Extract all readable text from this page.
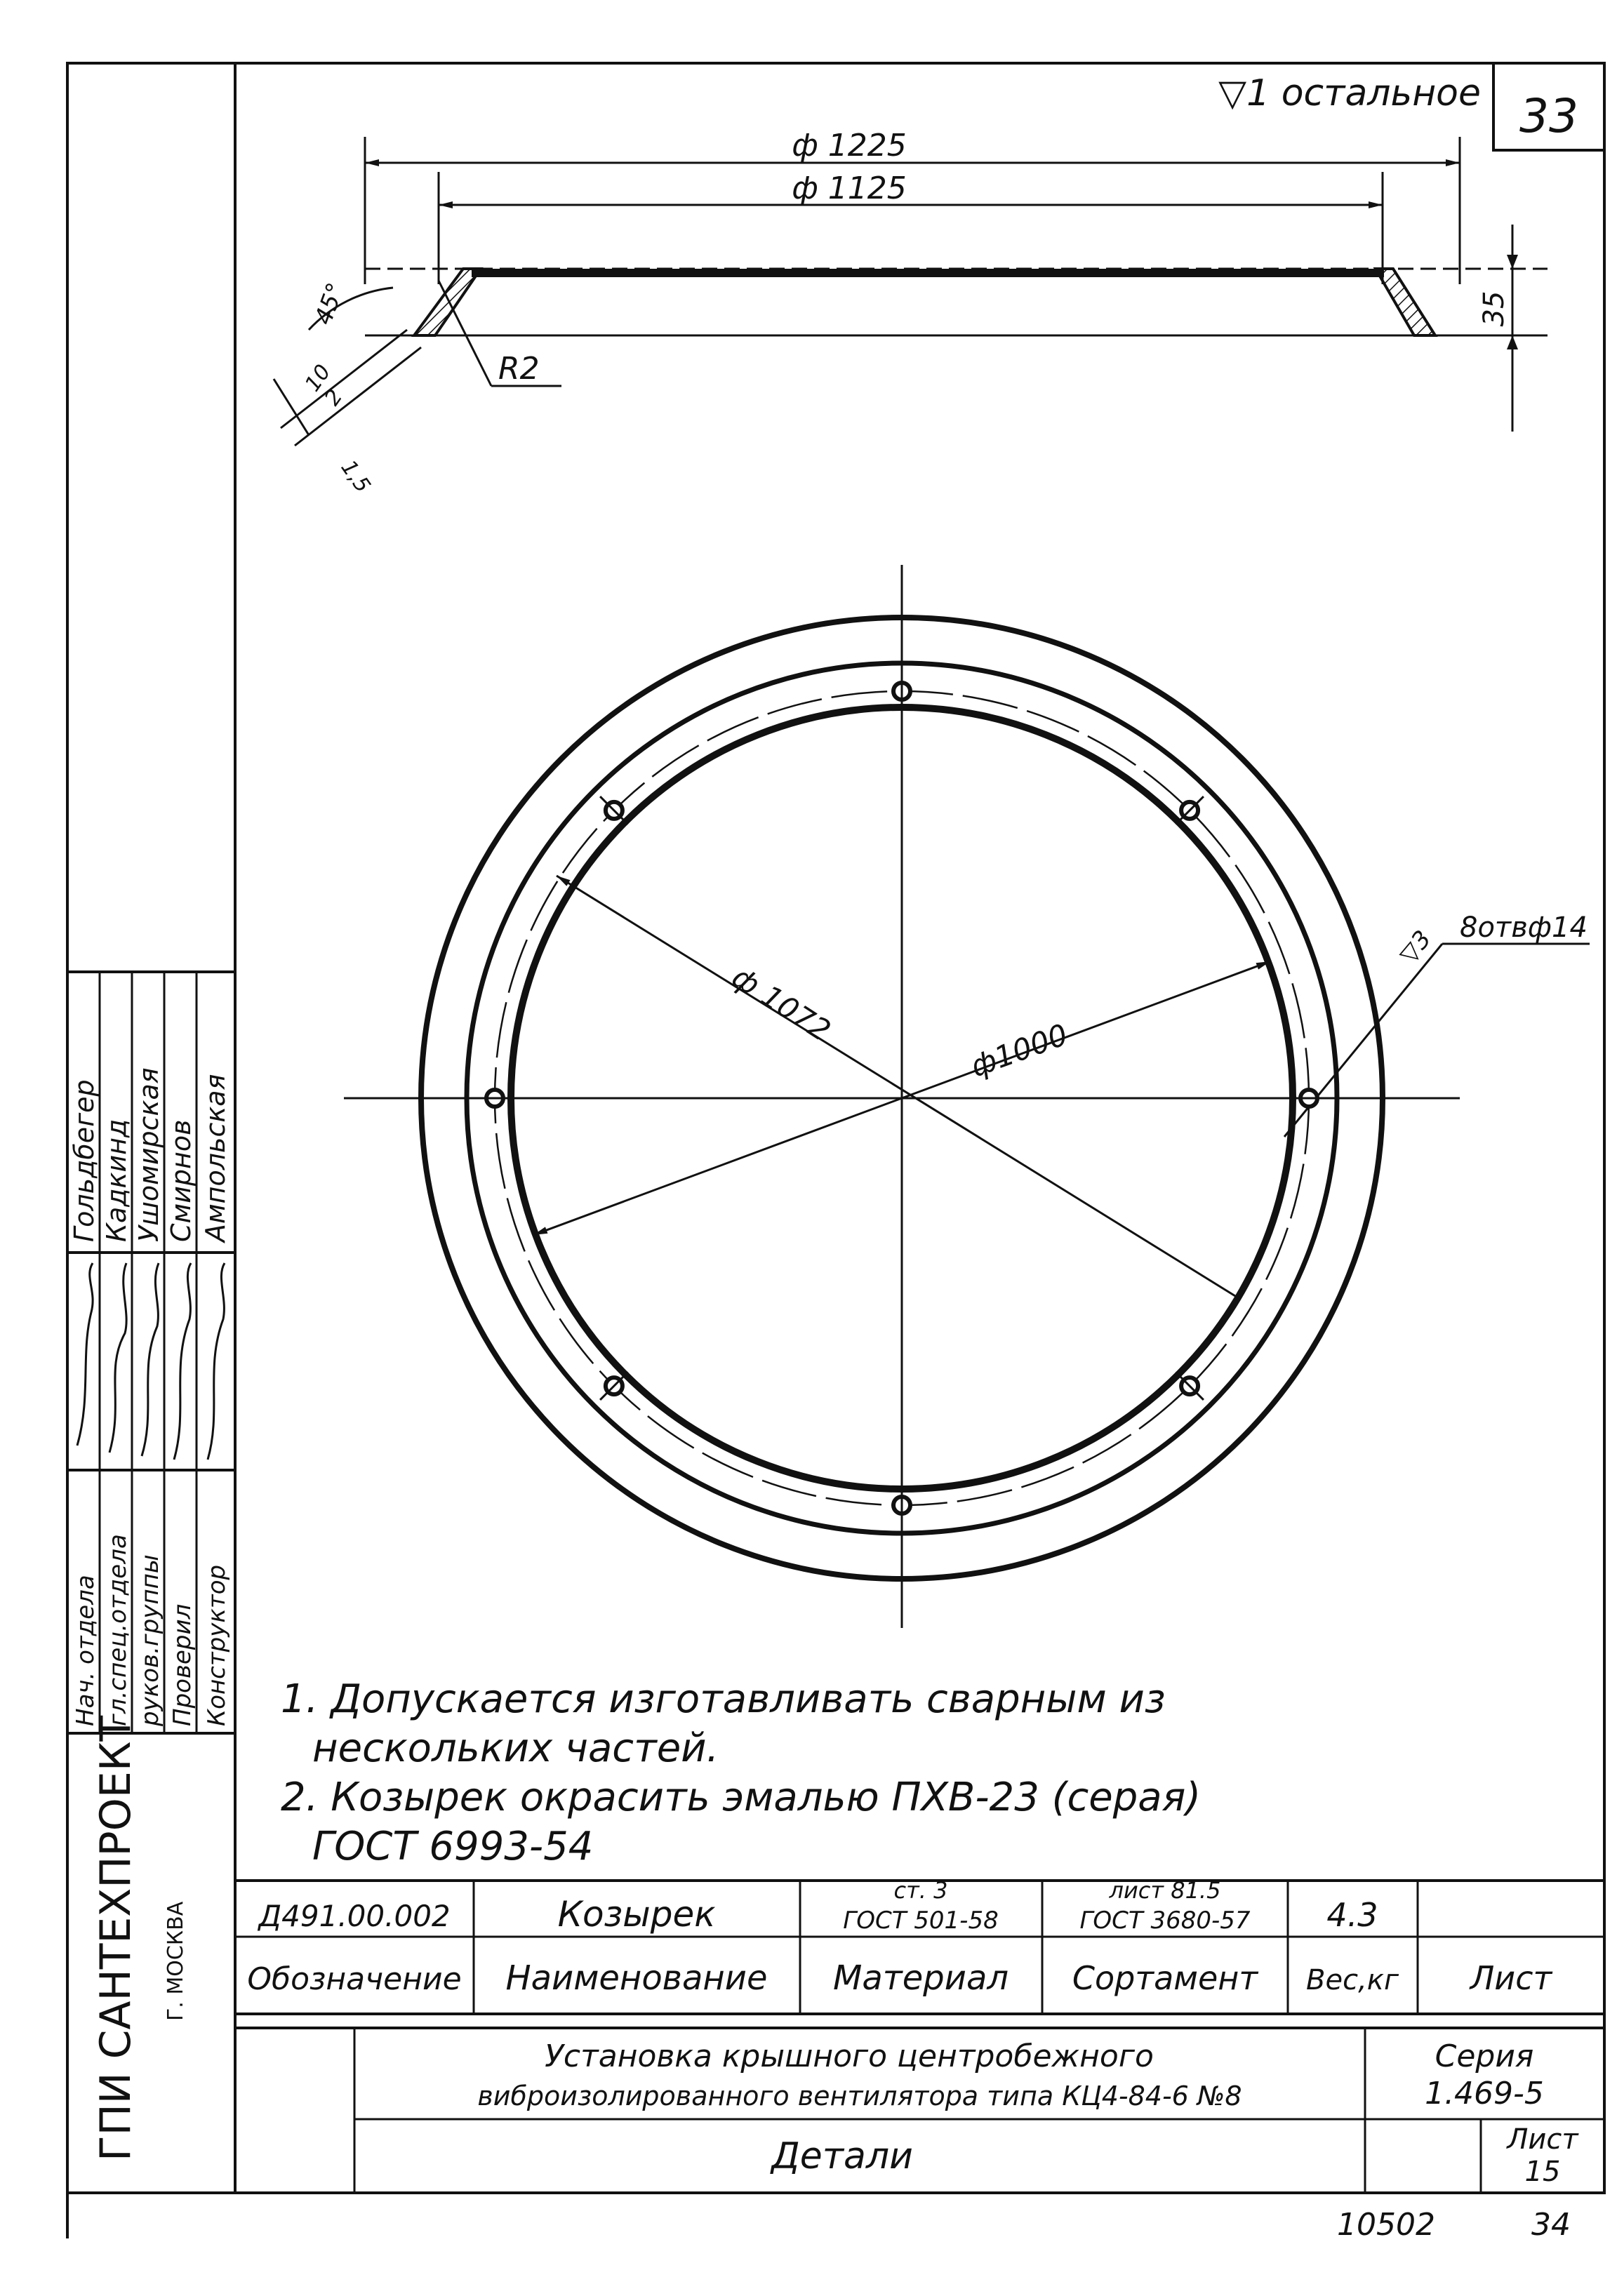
33
▽1 остальное
Гольдбегер Кадкинд Ушомирская Смирнов Ампольская
Нач. отдела гл.спец.отдела руков.группы Проверил Конструктор
ГПИ САНТЕХПРОЕКТ Г. МОСКВА
ф 1225
ф 1125
35
45°
R2
10
2
1,5
ф 1072
ф1000
8отвф14
▽3
1. Допускается изготавливать сварным из
нескольких частей.
2. Козырек окрасить эмалью ПХВ-23 (серая)
ГОСТ 6993-54
Д491.00.002	Козырек
ст. 3
ГОСТ 501-58
лист 81.5
ГОСТ 3680-57 4.3
Обозначение Наименование Материал Сортамент Вес,кг Лист
Установка крышного центробежного
виброизолированного вентилятора типа КЦ4-84-6 №8
Серия
1.469-5
Лист
15
Детали
10502	34
